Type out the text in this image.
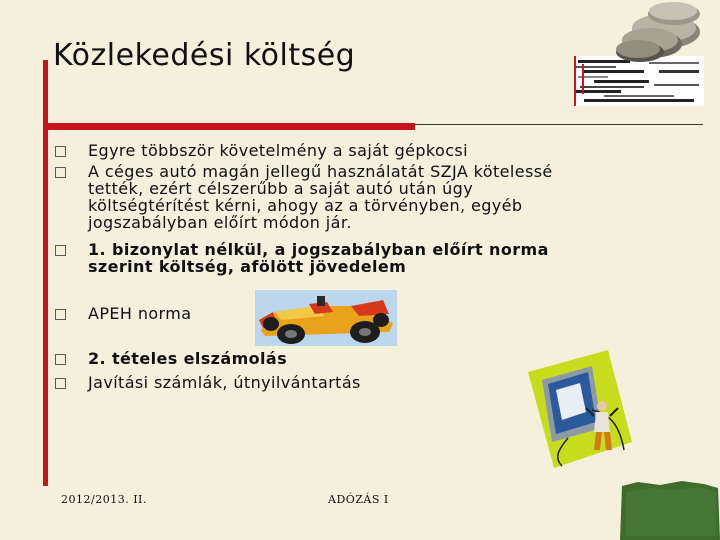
Közlekedési költség
Egyre többször követelmény a saját gépkocsi
A céges autó magán jellegű használatát SZJA kötelessé
tették, ezért célszerűbb a saját autó után úgy
költségtérítést kérni, ahogy az a törvényben, egyéb
jogszabályban előírt módon jár.
1. bizonylat nélkül, a jogszabályban előírt norma
szerint költség, afölött jövedelem
APEH norma
2. tételes elszámolás
Javítási számlák, útnyilvántartás
2012/2013. II.	ADÓZÁS I
